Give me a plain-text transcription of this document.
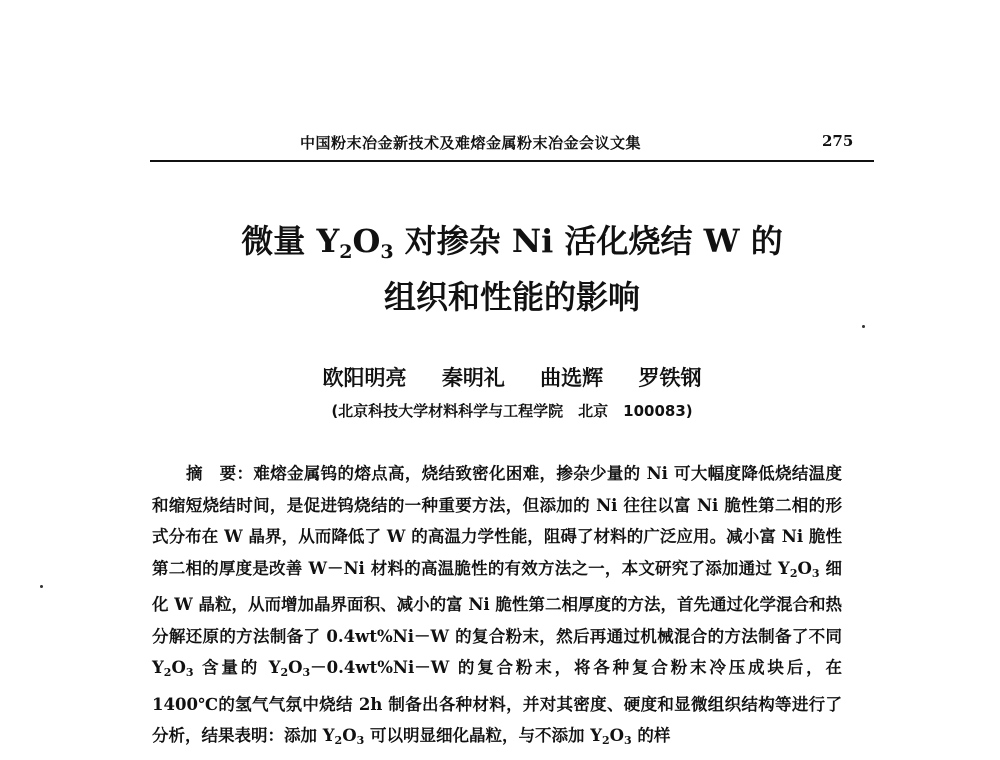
中国粉末冶金新技术及难熔金属粉末冶金会议文集	275
微量 $Y_2O_3$ 对掺杂 Ni 活化烧结 W 的
组织和性能的影响
欧阳明亮 秦明礼 曲选辉 罗铁钢
(北京科技大学材料科学与工程学院　北京　100083)
摘　要：难熔金属钨的熔点高，烧结致密化困难，掺杂少量的 Ni 可大幅度降低烧结温度和缩短烧结时间，是促进钨烧结的一种重要方法，但添加的 Ni 往往以富 Ni 脆性第二相的形式分布在 W 晶界，从而降低了 W 的高温力学性能，阻碍了材料的广泛应用。减小富 Ni 脆性第二相的厚度是改善 W－Ni 材料的高温脆性的有效方法之一，本文研究了添加通过 $Y_2O_3$ 细化 W 晶粒，从而增加晶界面积、减小的富 Ni 脆性第二相厚度的方法，首先通过化学混合和热分解还原的方法制备了 0.4wt%Ni－W 的复合粉末，然后再通过机械混合的方法制备了不同 $Y_2O_3$ 含量的 $Y_2O_3-0.4wt\%Ni-W$ 的复合粉末，将各种复合粉末冷压成块后，在 1400℃的氢气气氛中烧结 2h 制备出各种材料，并对其密度、硬度和显微组织结构等进行了分析，结果表明：添加 $Y_2O_3$ 可以明显细化晶粒，与不添加 $Y_2O_3$ 的样
